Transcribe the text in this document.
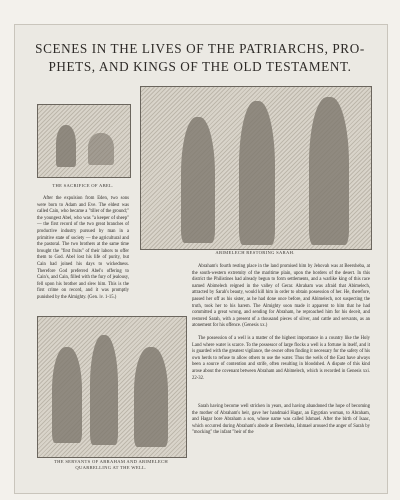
SCENES IN THE LIVES OF THE PATRIARCHS, PRO-
PHETS, AND KINGS OF THE OLD TESTAMENT.
THE SACRIFICE OF ABEL.
ABIMELECH RESTORING SARAH.

After the expulsion from Eden, two sons were born to Adam and Eve. The eldest was called Cain, who became a "tiller of the ground;" the youngest Abel, who was "a keeper of sheep" — the first record of the two great branches of productive industry pursued by man in a primitive state of society — the agricultural and the pastoral. The two brothers at the same time brought the "first fruits" of their labors to offer them to God. Abel lost his life of purity, but Cain had joined his days to wickedness. Therefore God preferred Abel's offering to Cain's, and Cain, filled with the fury of jealousy, fell upon his brother and slew him. This is the first crime on record, and it was promptly punished by the Almighty. (Gen. iv. 1-15.)

Abraham's fourth resting place in the land promised him by Jehovah was at Beersheba, at the south-western extremity of the maritime plain, upon the borders of the desert. In this district the Philistines had already begun to form settlements, and a warlike king of this race named Abimelech reigned in the valley of Gerar. Abraham was afraid that Abimelech, attracted by Sarah's beauty, would kill him in order to obtain possession of her. He, therefore, passed her off as his sister, as he had done once before, and Abimelech, not suspecting the truth, took her to his harem. The Almighty soon made it apparent to him that he had committed a great wrong, and sending for Abraham, he reproached him for his deceit, and restored Sarah, with a present of a thousand pieces of silver, and cattle and servants, as an atonement for his offence. (Genesis xx.)

THE SERVANTS OF ABRAHAM AND ABIMELECH QUARRELLING AT THE WELL.

The possession of a well is a matter of the highest importance in a country like the Holy Land where water is scarce. To the possessor of large flocks a well is a fortune in itself, and it is guarded with the greatest vigilance, the owner often finding it necessary for the safety of his own herds to refuse to allow others to use the water. Thus the wells of the East have always been a source of contention and strife, often resulting in bloodshed. A dispute of this kind arose about the covenant between Abraham and Abimelech, which is recorded in Genesis xxi. 22-32.

Sarah having become well stricken in years, and having abandoned the hope of becoming the mother of Abraham's heir, gave her handmaid Hagar, an Egyptian woman, to Abraham, and Hagar bore Abraham a son, whose name was called Ishmael. After the birth of Isaac, which occurred during Abraham's abode at Beersheba, Ishmael aroused the anger of Sarah by "mocking" the infant "heir of the
